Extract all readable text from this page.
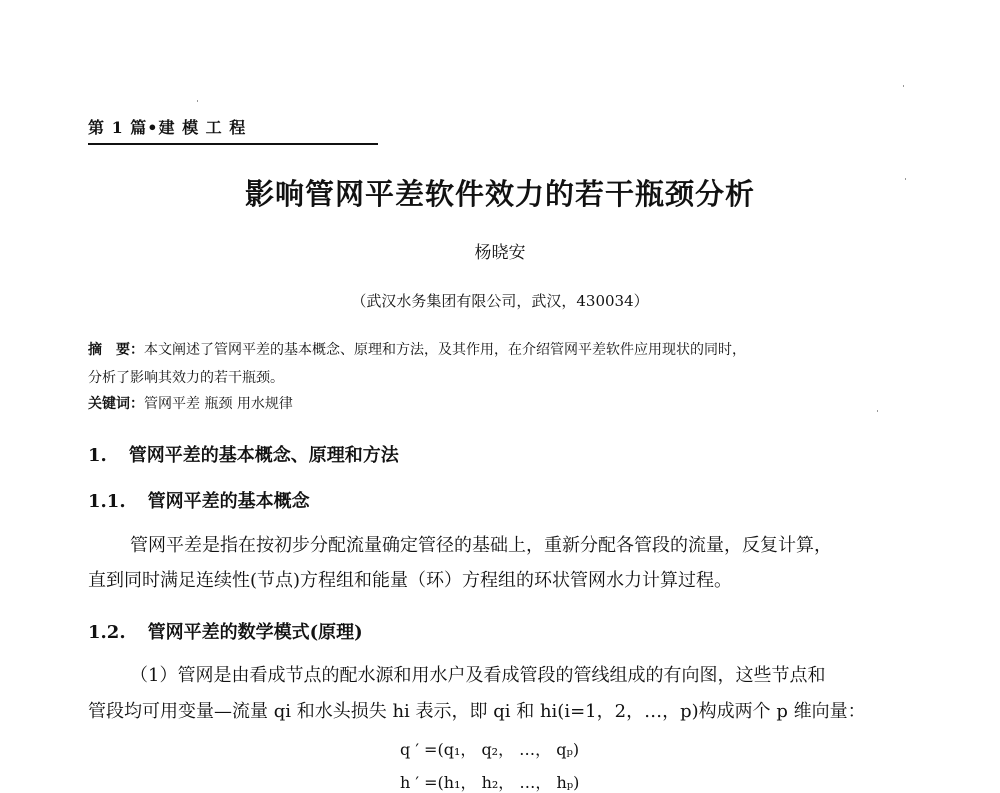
第 1 篇•建 模 工 程
影响管网平差软件效力的若干瓶颈分析
杨晓安
（武汉水务集团有限公司，武汉，430034）
摘　要：本文阐述了管网平差的基本概念、原理和方法，及其作用，在介绍管网平差软件应用现状的同时，
分析了影响其效力的若干瓶颈。
关键词：管网平差 瓶颈 用水规律
1. 管网平差的基本概念、原理和方法
1.1. 管网平差的基本概念
管网平差是指在按初步分配流量确定管径的基础上，重新分配各管段的流量，反复计算，
直到同时满足连续性(节点)方程组和能量（环）方程组的环状管网水力计算过程。
1.2. 管网平差的数学模式(原理)
（1）管网是由看成节点的配水源和用水户及看成管段的管线组成的有向图，这些节点和
管段均可用变量—流量 qi 和水头损失 hi 表示，即 qi 和 hi(i=1，2，…，p)构成两个 p 维向量：
q ′ =(q₁， q₂， …， qₚ)
h ′ =(h₁， h₂， …， hₚ)
